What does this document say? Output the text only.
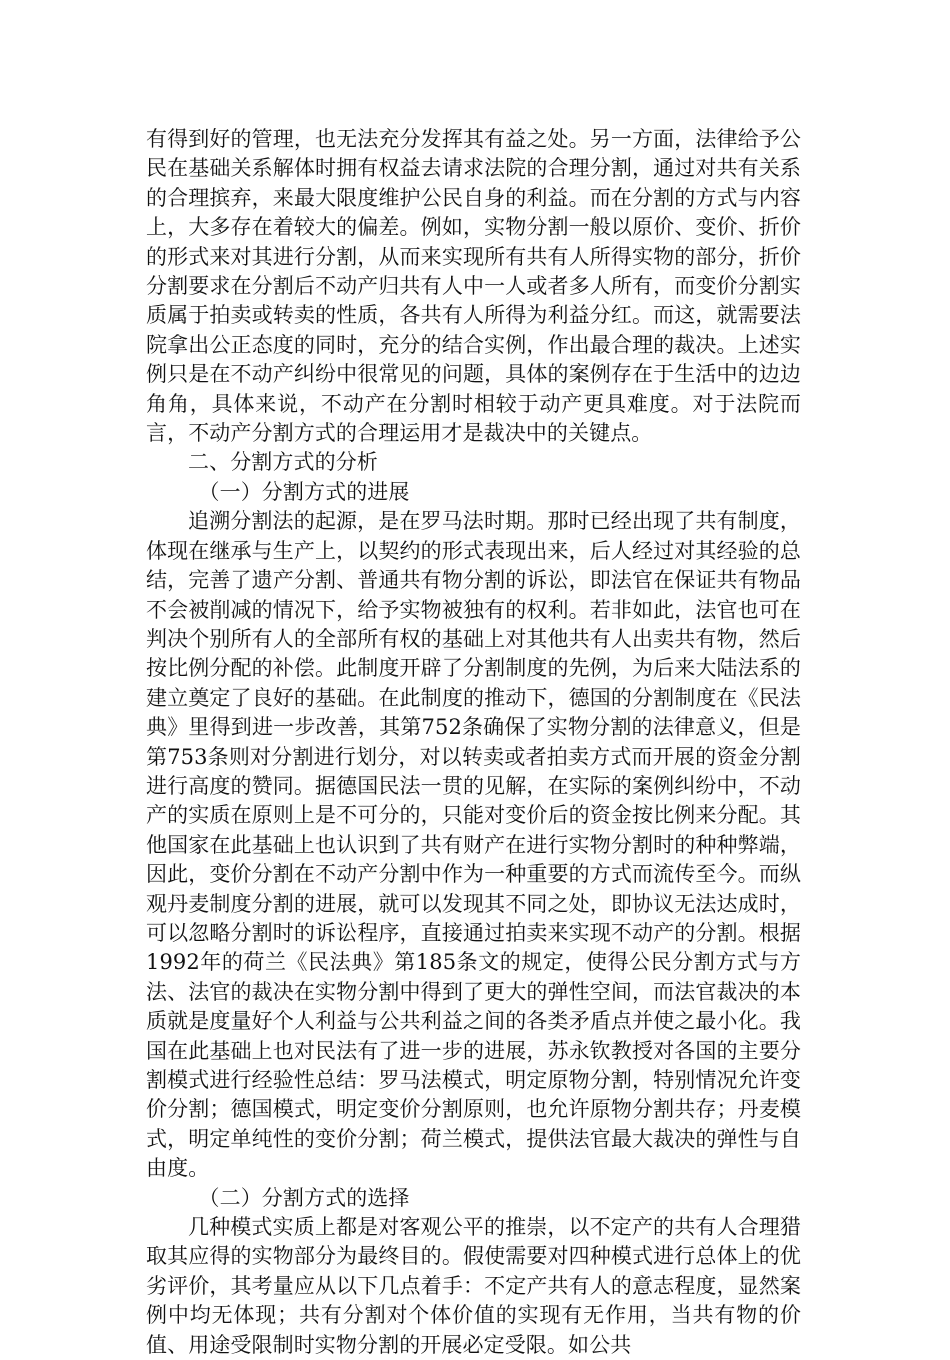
有得到好的管理，也无法充分发挥其有益之处。另一方面，法律给予公民在基础关系解体时拥有权益去请求法院的合理分割，通过对共有关系的合理摈弃，来最大限度维护公民自身的利益。而在分割的方式与内容上，大多存在着较大的偏差。例如，实物分割一般以原价、变价、折价的形式来对其进行分割，从而来实现所有共有人所得实物的部分，折价分割要求在分割后不动产归共有人中一人或者多人所有，而变价分割实质属于拍卖或转卖的性质，各共有人所得为利益分红。而这，就需要法院拿出公正态度的同时，充分的结合实例，作出最合理的裁决。上述实例只是在不动产纠纷中很常见的问题，具体的案例存在于生活中的边边角角，具体来说，不动产在分割时相较于动产更具难度。对于法院而言，不动产分割方式的合理运用才是裁决中的关键点。

二、分割方式的分析

（一）分割方式的进展

追溯分割法的起源，是在罗马法时期。那时已经出现了共有制度，体现在继承与生产上，以契约的形式表现出来，后人经过对其经验的总结，完善了遗产分割、普通共有物分割的诉讼，即法官在保证共有物品不会被削减的情况下，给予实物被独有的权利。若非如此，法官也可在判决个别所有人的全部所有权的基础上对其他共有人出卖共有物，然后按比例分配的补偿。此制度开辟了分割制度的先例，为后来大陆法系的建立奠定了良好的基础。在此制度的推动下，德国的分割制度在《民法典》里得到进一步改善，其第752条确保了实物分割的法律意义，但是第753条则对分割进行划分，对以转卖或者拍卖方式而开展的资金分割进行高度的赞同。据德国民法一贯的见解，在实际的案例纠纷中，不动产的实质在原则上是不可分的，只能对变价后的资金按比例来分配。其他国家在此基础上也认识到了共有财产在进行实物分割时的种种弊端，因此，变价分割在不动产分割中作为一种重要的方式而流传至今。而纵观丹麦制度分割的进展，就可以发现其不同之处，即协议无法达成时，可以忽略分割时的诉讼程序，直接通过拍卖来实现不动产的分割。根据1992年的荷兰《民法典》第185条文的规定，使得公民分割方式与方法、法官的裁决在实物分割中得到了更大的弹性空间，而法官裁决的本质就是度量好个人利益与公共利益之间的各类矛盾点并使之最小化。我国在此基础上也对民法有了进一步的进展，苏永钦教授对各国的主要分割模式进行经验性总结：罗马法模式，明定原物分割，特别情况允许变价分割；德国模式，明定变价分割原则，也允许原物分割共存；丹麦模式，明定单纯性的变价分割；荷兰模式，提供法官最大裁决的弹性与自由度。

（二）分割方式的选择

几种模式实质上都是对客观公平的推崇，以不定产的共有人合理猎取其应得的实物部分为最终目的。假使需要对四种模式进行总体上的优劣评价，其考量应从以下几点着手：不定产共有人的意志程度，显然案例中均无体现；共有分割对个体价值的实现有无作用，当共有物的价值、用途受限制时实物分割的开展必定受限。如公共
